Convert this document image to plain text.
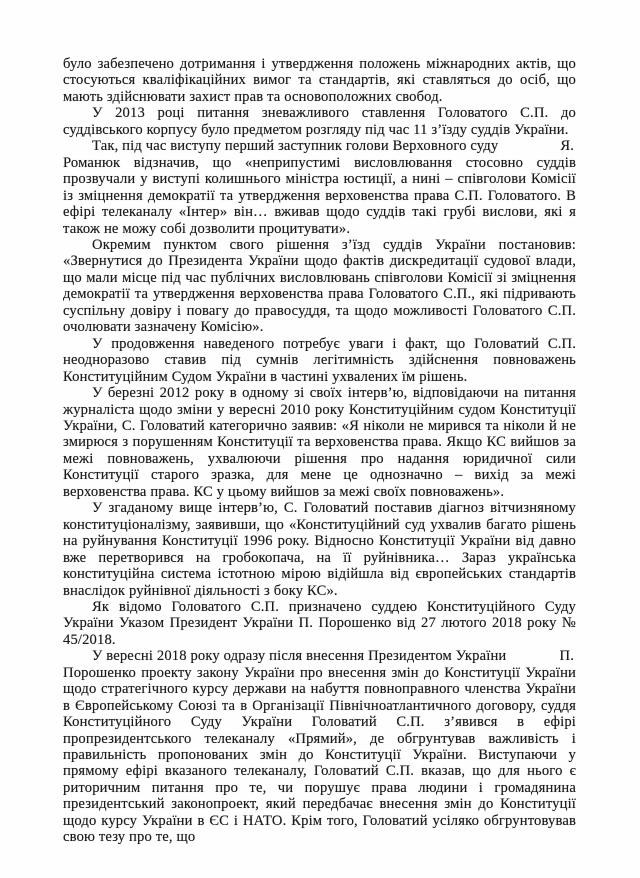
було забезпечено дотримання і утвердження положень міжнародних актів, що стосуються кваліфікаційних вимог та стандартів, які ставляться до осіб, що мають здійснювати захист прав та основоположних свобод.

У 2013 році питання зневажливого ставлення Головатого С.П. до суддівського корпусу було предметом розгляду під час 11 з’їзду суддів України.

Так, під час виступу перший заступник голови Верховного суду	Я.
Романюк відзначив, що «неприпустимі висловлювання стосовно суддів прозвучали у виступі колишнього міністра юстиції, а нині – співголови Комісії із зміцнення демократії та утвердження верховенства права С.П. Головатого. В ефірі телеканалу «Інтер» він… вживав щодо суддів такі грубі вислови, які я також не можу собі дозволити процитувати».

Окремим пунктом свого рішення з’їзд суддів України постановив: «Звернутися до Президента України щодо фактів дискредитації судової влади, що мали місце під час публічних висловлювань співголови Комісії зі зміцнення демократії та утвердження верховенства права Головатого С.П., які підривають суспільну довіру і повагу до правосуддя, та щодо можливості Головатого С.П. очолювати зазначену Комісію».

У продовження наведеного потребує уваги і факт, що Головатий С.П. неодноразово ставив під сумнів легітимність здійснення повноважень Конституційним Судом України в частині ухвалених їм рішень.

У березні 2012 року в одному зі своїх інтерв’ю, відповідаючи на питання журналіста щодо зміни у вересні 2010 року Конституційним судом Конституції України, С. Головатий категорично заявив: «Я ніколи не мирився та ніколи й не змирюся з порушенням Конституції та верховенства права. Якщо КС вийшов за межі повноважень, ухвалюючи рішення про надання юридичної сили Конституції старого зразка, для мене це однозначно – вихід за межі верховенства права. КС у цьому вийшов за межі своїх повноважень».

У згаданому вище інтерв’ю, С. Головатий поставив діагноз вітчизняному конституціоналізму, заявивши, що «Конституційний суд ухвалив багато рішень на руйнування Конституції 1996 року. Відносно Конституції України від давно вже перетворився на гробокопача, на її руйнівника… Зараз українська конституційна система істотною мірою відійшла від європейських стандартів внаслідок руйнівної діяльності з боку КС».

Як відомо Головатого С.П. призначено суддею Конституційного Суду України Указом Президент України П. Порошенко від 27 лютого 2018 року № 45/2018.

У вересні 2018 року одразу після внесення Президентом України	П.
Порошенко проекту закону України про внесення змін до Конституції України щодо стратегічного курсу держави на набуття повноправного членства України в Європейському Союзі та в Організації Північноатлантичного договору, суддя Конституційного Суду України Головатий С.П. з’явився в ефірі пропрезидентського телеканалу «Прямий», де обгрунтував важливість і правильність пропонованих змін до Конституції України. Виступаючи у прямому ефірі вказаного телеканалу, Головатий С.П. вказав, що для нього є риторичним питання про те, чи порушує права людини і громадянина президентський законопроект, який передбачає внесення змін до Конституції щодо курсу України в ЄС і НАТО. Крім того, Головатий усіляко обгрунтовував свою тезу про те, що
